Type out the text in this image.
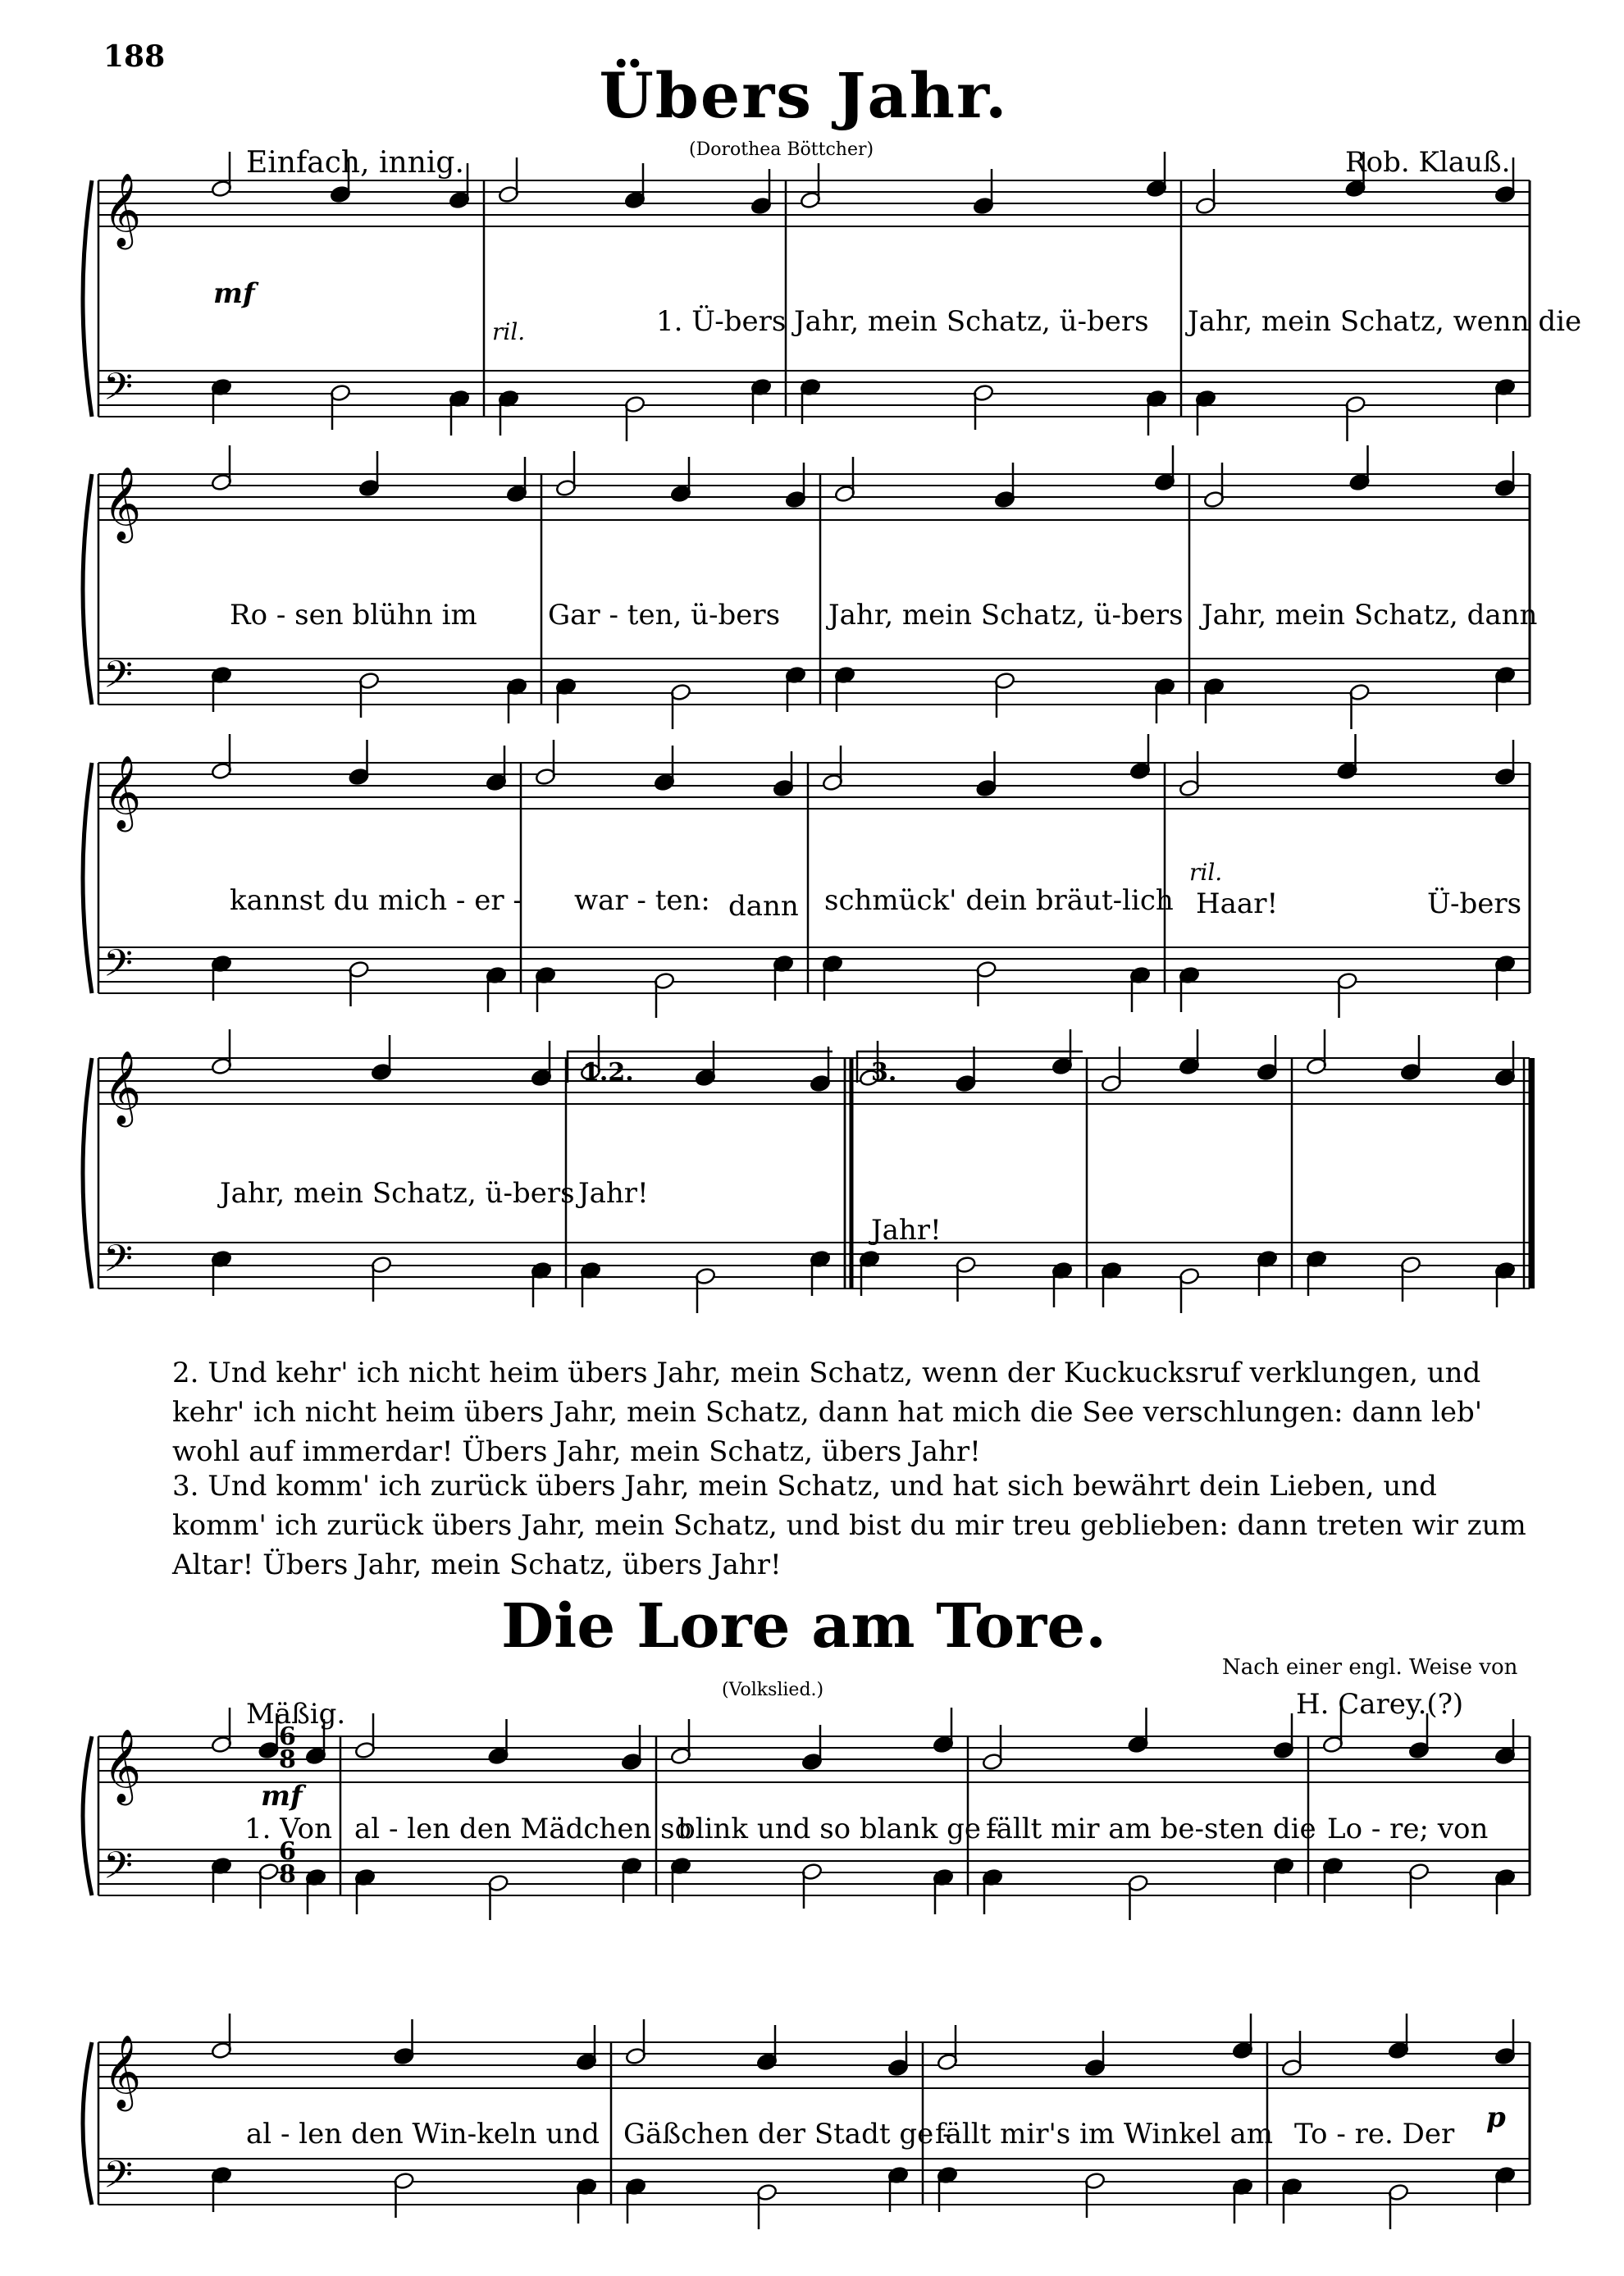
188
Übers Jahr.
(Dorothea Böttcher)
Einfach, innig.	Rob. Klauß.
𝄞
𝄢
𝄞
𝄢
𝄞
𝄢
𝄞
𝄢
𝄞
𝄢
𝄞
𝄢
mf
ril.
ril.
1. Ü-bers Jahr, mein Schatz, ü-bers Jahr, mein Schatz, wenn die
Ro - sen blühn im	Gar - ten, ü-bers Jahr, mein Schatz, ü-bers Jahr, mein Schatz, dann
kannst du mich - er - war - ten: dann schmück' dein bräut-lich Haar!	Ü-bers
Jahr, mein Schatz, ü-bers Jahr!
Jahr!
1.2.	3.
2. Und kehr' ich nicht heim übers Jahr, mein Schatz, wenn der Kuckucksruf verklungen, und kehr' ich nicht heim übers Jahr, mein Schatz, dann hat mich die See verschlungen: dann leb' wohl auf immerdar! Übers Jahr, mein Schatz, übers Jahr!
3. Und komm' ich zurück übers Jahr, mein Schatz, und hat sich bewährt dein Lieben, und komm' ich zurück übers Jahr, mein Schatz, und bist du mir treu geblieben: dann treten wir zum Altar! Übers Jahr, mein Schatz, übers Jahr!
Die Lore am Tore.
(Volkslied.)
Nach einer engl. Weise von
H. Carey.(?)
Mäßig.
6
8
6
8
mf
p
1. Von al - len den Mädchen so
blink und so blank ge -
fällt mir am be-sten die Lo - re; von
al - len den Win-keln und Gäßchen der Stadt ge -
fällt mir's im Winkel am To - re. Der
